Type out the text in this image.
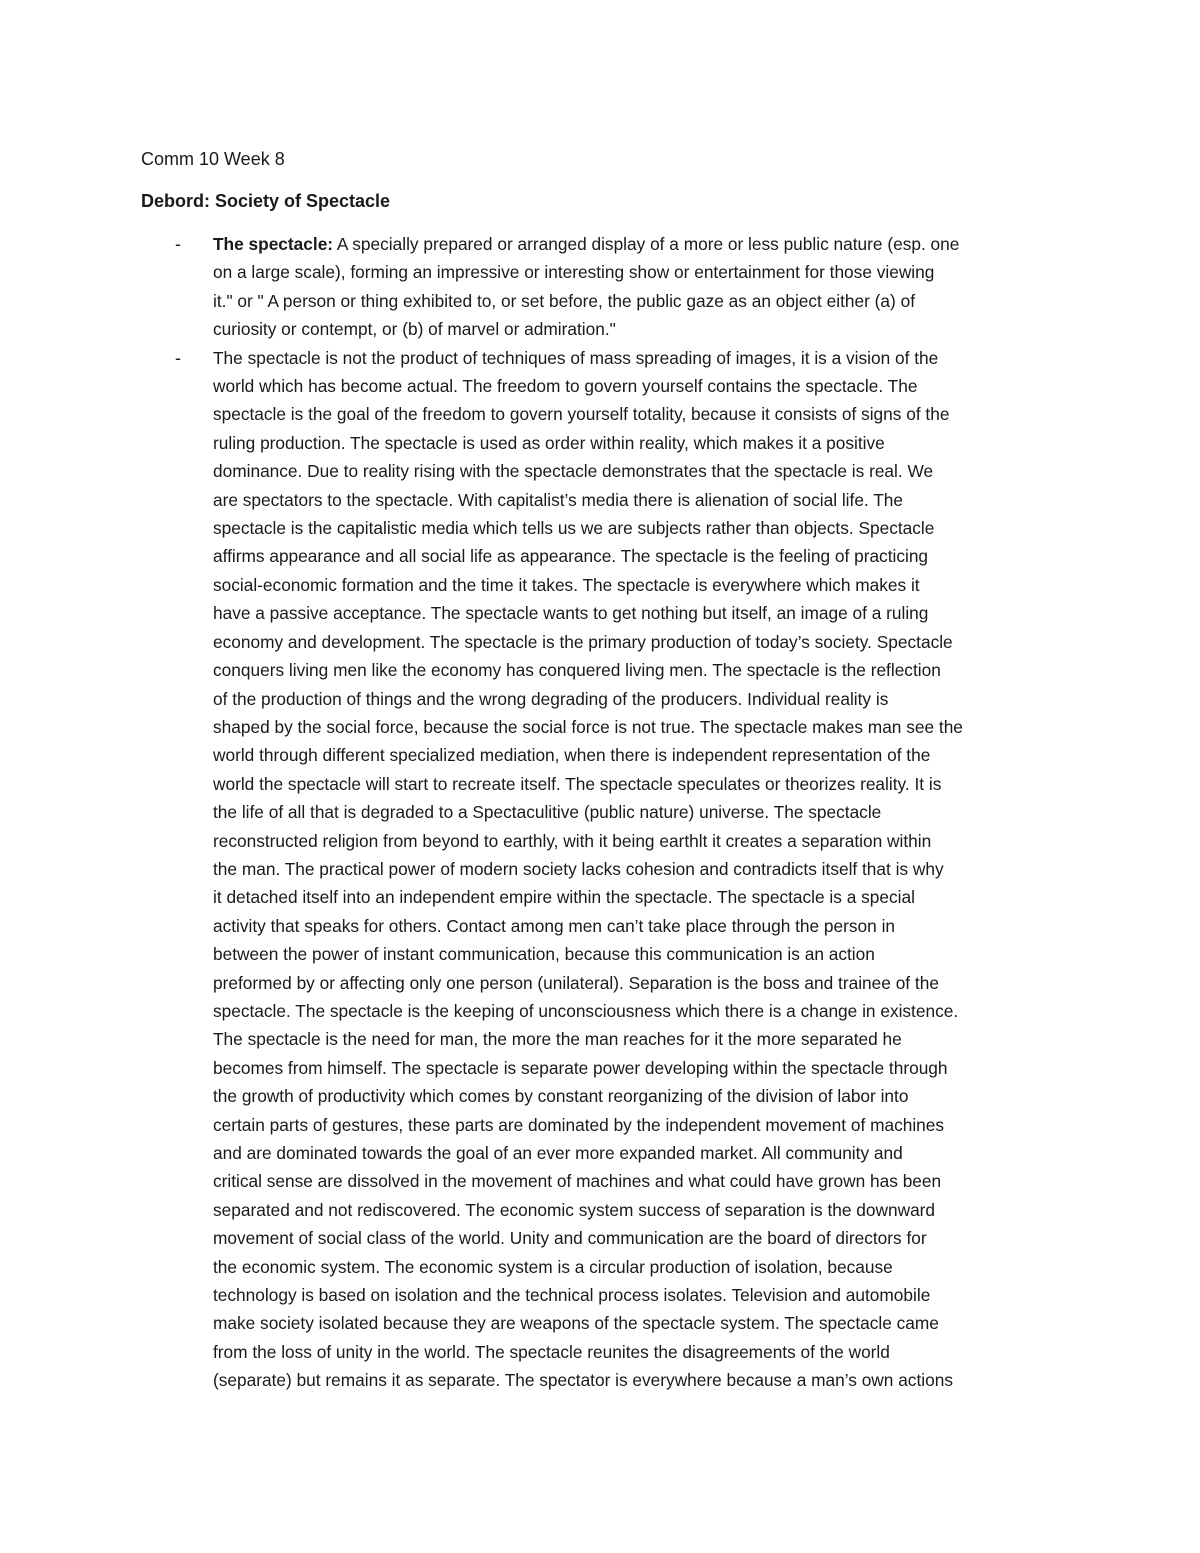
Comm 10 Week 8
Debord: Society of Spectacle
- The spectacle: A specially prepared or arranged display of a more or less public nature (esp. one
on a large scale), forming an impressive or interesting show or entertainment for those viewing
it." or " A person or thing exhibited to, or set before, the public gaze as an object either (a) of
curiosity or contempt, or (b) of marvel or admiration."
- The spectacle is not the product of techniques of mass spreading of images, it is a vision of the
world which has become actual. The freedom to govern yourself contains the spectacle. The
spectacle is the goal of the freedom to govern yourself totality, because it consists of signs of the
ruling production. The spectacle is used as order within reality, which makes it a positive
dominance. Due to reality rising with the spectacle demonstrates that the spectacle is real. We
are spectators to the spectacle. With capitalist’s media there is alienation of social life. The
spectacle is the capitalistic media which tells us we are subjects rather than objects. Spectacle
affirms appearance and all social life as appearance. The spectacle is the feeling of practicing
social-economic formation and the time it takes. The spectacle is everywhere which makes it
have a passive acceptance. The spectacle wants to get nothing but itself, an image of a ruling
economy and development. The spectacle is the primary production of today’s society. Spectacle
conquers living men like the economy has conquered living men. The spectacle is the reflection
of the production of things and the wrong degrading of the producers. Individual reality is
shaped by the social force, because the social force is not true. The spectacle makes man see the
world through different specialized mediation, when there is independent representation of the
world the spectacle will start to recreate itself. The spectacle speculates or theorizes reality. It is
the life of all that is degraded to a Spectaculitive (public nature) universe. The spectacle
reconstructed religion from beyond to earthly, with it being earthlt it creates a separation within
the man. The practical power of modern society lacks cohesion and contradicts itself that is why
it detached itself into an independent empire within the spectacle. The spectacle is a special
activity that speaks for others. Contact among men can’t take place through the person in
between the power of instant communication, because this communication is an action
preformed by or affecting only one person (unilateral). Separation is the boss and trainee of the
spectacle. The spectacle is the keeping of unconsciousness which there is a change in existence.
The spectacle is the need for man, the more the man reaches for it the more separated he
becomes from himself. The spectacle is separate power developing within the spectacle through
the growth of productivity which comes by constant reorganizing of the division of labor into
certain parts of gestures, these parts are dominated by the independent movement of machines
and are dominated towards the goal of an ever more expanded market. All community and
critical sense are dissolved in the movement of machines and what could have grown has been
separated and not rediscovered. The economic system success of separation is the downward
movement of social class of the world. Unity and communication are the board of directors for
the economic system. The economic system is a circular production of isolation, because
technology is based on isolation and the technical process isolates. Television and automobile
make society isolated because they are weapons of the spectacle system. The spectacle came
from the loss of unity in the world. The spectacle reunites the disagreements of the world
(separate) but remains it as separate. The spectator is everywhere because a man’s own actions
